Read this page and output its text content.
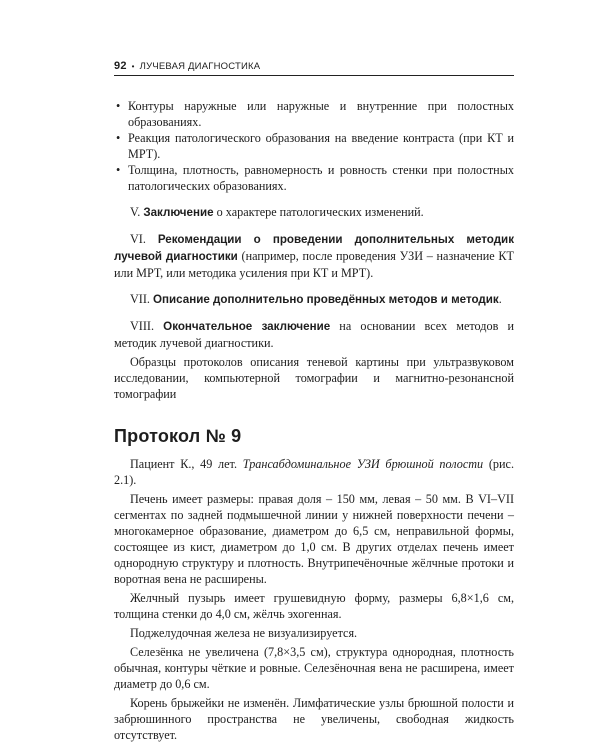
92 • ЛУЧЕВАЯ ДИАГНОСТИКА
• Контуры наружные или наружные и внутренние при полостных образованиях.
• Реакция патологического образования на введение контраста (при КТ и МРТ).
• Толщина, плотность, равномерность и ровность стенки при полостных патологических образованиях.

V. Заключение о характере патологических изменений.

VI. Рекомендации о проведении дополнительных методик лучевой диагностики (например, после проведения УЗИ – назначение КТ или МРТ, или методика усиления при КТ и МРТ).

VII. Описание дополнительно проведённых методов и методик.

VIII. Окончательное заключение на основании всех методов и методик лучевой диагностики.

Образцы протоколов описания теневой картины при ультразвуковом исследовании, компьютерной томографии и магнитно-резонансной томографии

Протокол № 9

Пациент К., 49 лет. Трансабдоминальное УЗИ брюшной полости (рис. 2.1).

Печень имеет размеры: правая доля – 150 мм, левая – 50 мм. В VI–VII сегментах по задней подмышечной линии у нижней поверхности печени – многокамерное образование, диаметром до 6,5 см, неправильной формы, состоящее из кист, диаметром до 1,0 см. В других отделах печень имеет однородную структуру и плотность. Внутрипечёночные жёлчные протоки и воротная вена не расширены.

Желчный пузырь имеет грушевидную форму, размеры 6,8×1,6 см, толщина стенки до 4,0 см, жёлчь эхогенная.

Поджелудочная железа не визуализируется.

Селезёнка не увеличена (7,8×3,5 см), структура однородная, плотность обычная, контуры чёткие и ровные. Селезёночная вена не расширена, имеет диаметр до 0,6 см.

Корень брыжейки не изменён. Лимфатические узлы брюшной полости и забрюшинного пространства не увеличены, свободная жидкость отсутствует.
